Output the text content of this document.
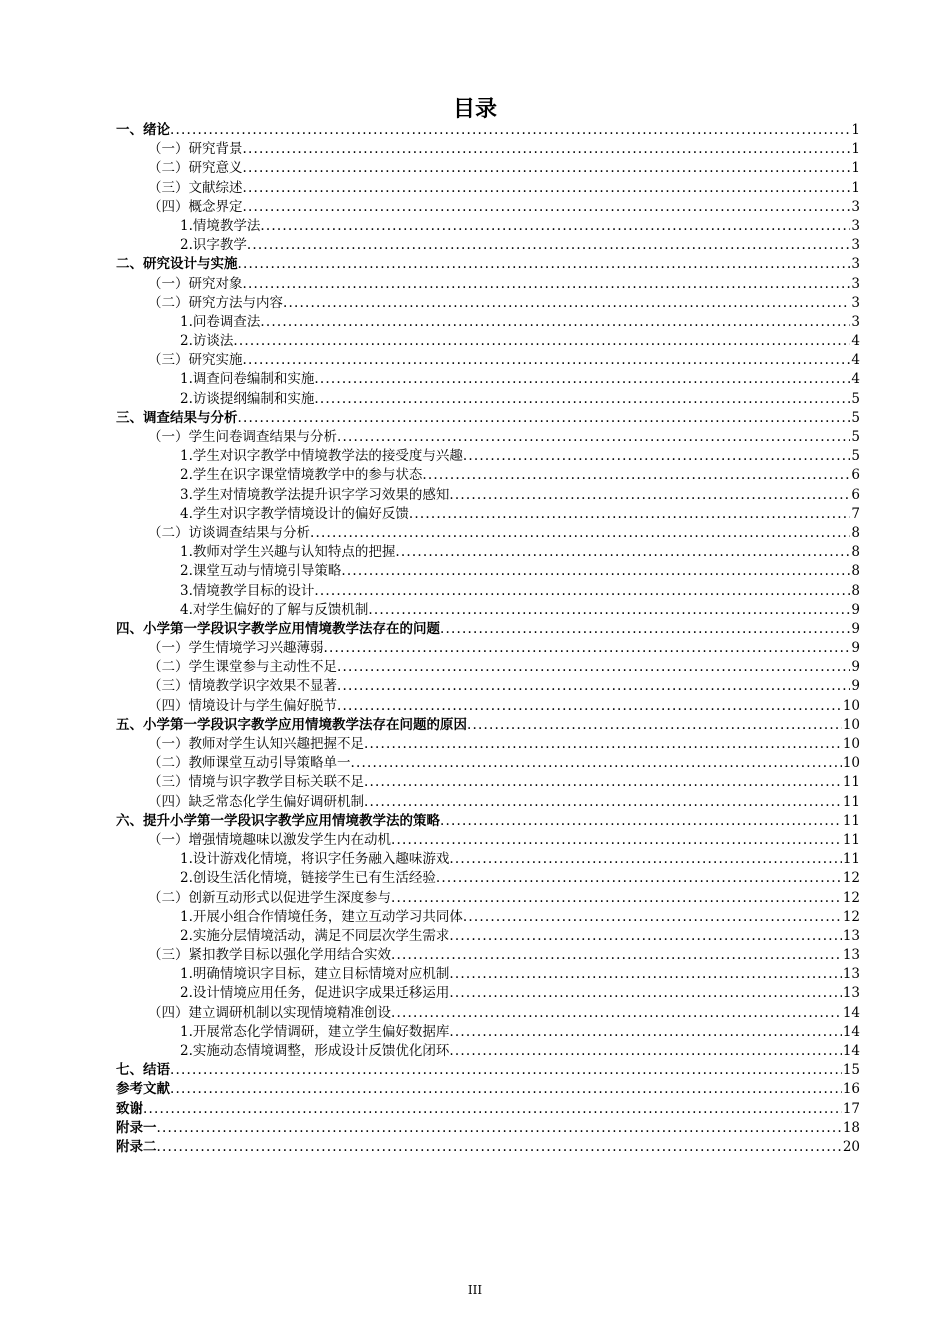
目录
一、绪论 .....	1
（一）研究背景 .....	1
（二）研究意义 .....	1
（三）文献综述 .....	1
（四）概念界定 .....	3
1.情境教学法 .....	3
2.识字教学 .....	3
二、研究设计与实施 .....	3
（一）研究对象 .....	3
（二）研究方法与内容 .....	3
1.问卷调查法 .....	3
2.访谈法 .....	4
（三）研究实施 .....	4
1.调查问卷编制和实施 .....	4
2.访谈提纲编制和实施 .....	5
三、调查结果与分析 .....	5
（一）学生问卷调查结果与分析 .....	5
1.学生对识字教学中情境教学法的接受度与兴趣 .....	5
2.学生在识字课堂情境教学中的参与状态 .....	6
3.学生对情境教学法提升识字学习效果的感知 .....	6
4.学生对识字教学情境设计的偏好反馈 .....	7
（二）访谈调查结果与分析 .....	8
1.教师对学生兴趣与认知特点的把握 .....	8
2.课堂互动与情境引导策略 .....	8
3.情境教学目标的设计 .....	8
4.对学生偏好的了解与反馈机制 .....	9
四、小学第一学段识字教学应用情境教学法存在的问题 .....	9
（一）学生情境学习兴趣薄弱 .....	9
（二）学生课堂参与主动性不足 .....	9
（三）情境教学识字效果不显著 .....	9
（四）情境设计与学生偏好脱节 .....	10
五、小学第一学段识字教学应用情境教学法存在问题的原因 .....	10
（一）教师对学生认知兴趣把握不足 .....	10
（二）教师课堂互动引导策略单一 .....	10
（三）情境与识字教学目标关联不足 .....	11
（四）缺乏常态化学生偏好调研机制 .....	11
六、提升小学第一学段识字教学应用情境教学法的策略 .....	11
（一）增强情境趣味以激发学生内在动机 .....	11
1.设计游戏化情境，将识字任务融入趣味游戏 .....	11
2.创设生活化情境，链接学生已有生活经验 .....	12
（二）创新互动形式以促进学生深度参与 .....	12
1.开展小组合作情境任务，建立互动学习共同体 .....	12
2.实施分层情境活动，满足不同层次学生需求 .....	13
（三）紧扣教学目标以强化学用结合实效 .....	13
1.明确情境识字目标，建立目标情境对应机制 .....	13
2.设计情境应用任务，促进识字成果迁移运用 .....	13
（四）建立调研机制以实现情境精准创设 .....	14
1.开展常态化学情调研，建立学生偏好数据库 .....	14
2.实施动态情境调整，形成设计反馈优化闭环 .....	14
七、结语 .....	15
参考文献 .....	16
致谢 .....	17
附录一 .....	18
附录二 .....	20
III
